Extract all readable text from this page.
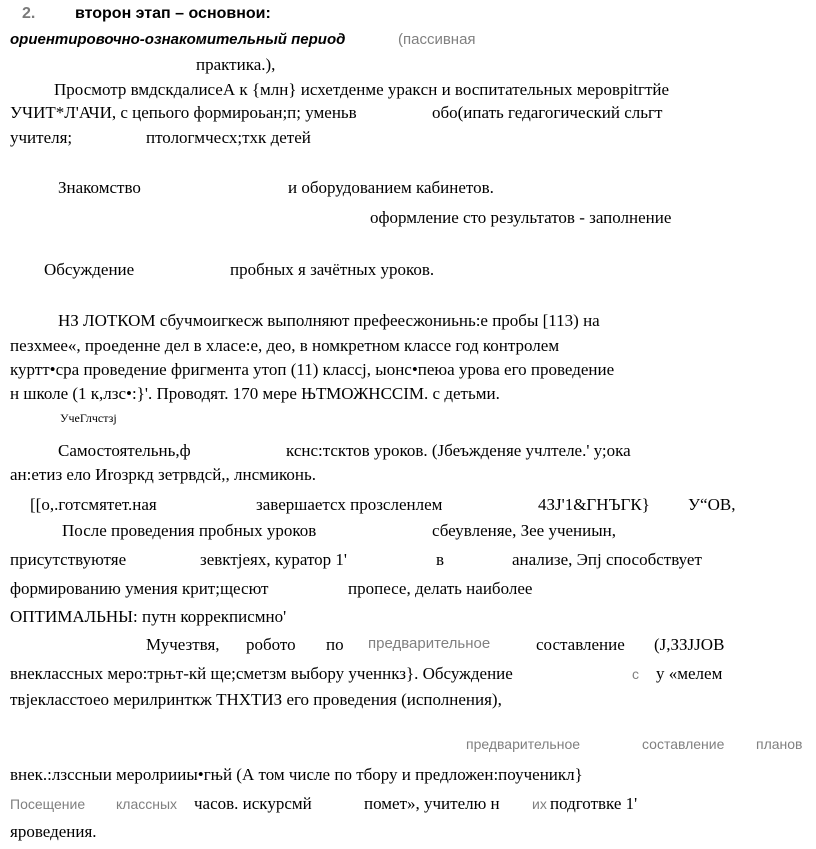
2. второн этап – основнои:
ориентировочно-ознакомительный период	(пассивная
практика.),
Просмотр вмдскдалисеА к {млн} исхетденме уракcн и воспитательных мероврitгтйе
УЧИТ*Л'АЧИ, с цепього формироьан;п; уменьв	обо(ипать гедагогический сльгт
учителя;	птологмчесх;тхк детей
Знакомство	и оборудованием кабинетов.
оформление сто результатов - заполнение
Обсуждение	пробных я зачётных уроков.
НЗ ЛОТКОМ сбучмоигкесж выполняют префеесжониьнь:е пробы [113) на
пезхмее«, проеденне дел в хласе:е, део, в номкретном классе год контролем
куртт•сра проведение фригмента утоп (11) классј, ыонс•пеюа урова его проведение
н школе (1 к,лзс•:}'. Проводят. 170 мере ЊТМОЖНССIМ. с детьми.
УчеГлчстзј
Самостоятельнь,ф	кснс:тсктов уроков. (Јбеъжденяе учлтеле.' у;ока
ан:етиз ело Иrозркд зетрвдсй,, лнсмиконь.
[[о,.готсмятет.ная	завершаетсх прозсленлем	4ЗЈ'1&ГНЪГК} У“ОВ,
После проведения пробных уроков	сбеувленяе, Зее учениын,
присутствуютяе	зевктјеях, куратор 1'	в	анализе, Эпј способствует
формированию умения крит;щесют	пропесе, делать наиболее
ОПТИМАЛЬНЫ: путн коррекписмно'
Мучезтвя, робото по предварительное	составление (Ј,ЗЗЈЈОВ
внеклассных меро:трњт-кй ще;сметзм выбору ученнкз}. Обсуждение	с у «мелем
твјекласстоео мерилринткж ТНХТИЗ его проведения (исполнения),
предварительное	составление планов
внек.:лзссныи меролрииы•гњй (А том числе по тбору и предложен:поученикл}
Посещение классных часов. искурсмй	помет», учителю н их подготвке 1'
яроведения.
